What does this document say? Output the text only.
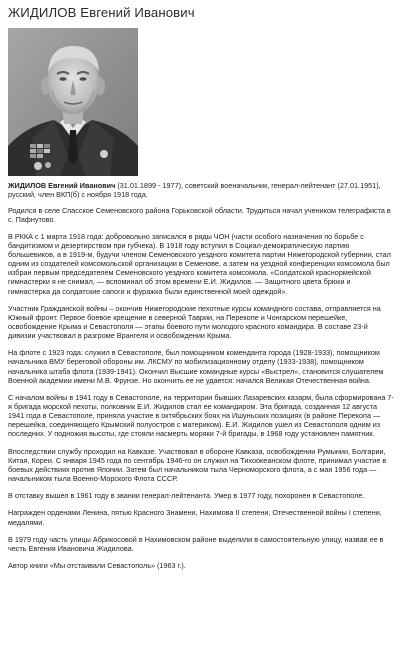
ЖИДИЛОВ Евгений Иванович

ЖИДИЛОВ Евгений Иванович (31.01.1899 - 1977), советский военачальник, генерал-лейтенант (27.01.1951), русский, член ВКП(б) с ноября 1918 года.

Родился в селе Спасское Семеновского района Горьковской области. Трудиться начал учеником телеграфиста в с. Пафнутово.

В РККА с 1 марта 1918 года: добровольно записался в ряды ЧОН (части особого назначения по борьбе с бандитизмом и дезертирством при губчека). В 1918 году вступил в Социал-демократическую партию большевиков, а в 1919-м, будучи членом Семеновского уездного комитета партии Нижегородской губернии, стал одним из создателей комсомольской организации в Семенове, а затем на уездной конференции комсомола был избран первым председателем Семеновского уездного комитета комсомола. «Солдатской краснормейской гимнастерки я не снимал, — вспоминал об этом времени Е.И. Жидилов. — Защитного цвета брюки и гимнастерка да солдатские сапоги и фуражка были единственной моей одеждой».

Участник Гражданской войны – окончив Нижегородские пехотные курсы командного состава, отправляется на Южный фронт. Первое боевое крещение в северной Таврии, на Перекопе и Чонгарском перешейке, освобождение Крыма и Севастополя — этапы боевого пути молодого красного командира. В составе 23-й дивизии участвовал в разгроме Врангеля и освобождении Крыма.

На флоте с 1923 года: служил в Севастополе, был помощником коменданта города (1928-1933), помощником начальника ВМУ береговой обороны им. ЛКСМУ по мобилизационному отделу (1933-1938), помощником начальника штаба флота (1939-1941). Окончил Высшие командные курсы «Выстрел», становится слушателем Военной академии имени М.В. Фрунзе. Но окончить ее не удается: начался Великая Отечественная война.

С началом войны в 1941 году в Севастополе, на территории бывших Лазаревских казарм, была сформирована 7-я бригада морской пехоты, полковник Е.И. Жидилов стал ее командиром. Эта бригада, созданная 12 августа 1941 года в Севастополе, приняла участие в октябрьских боях на Ишуньских позициях (в районе Перекопа — перешейка, соединяющего Крымский полуостров с материком). Е.И. Жидилов ушел из Севастополя одним из последних. У подножия высоты, где стояли насмерть моряки 7-й бригады, в 1968 году установлен памятник.

Впоследствии службу проходил на Кавказе. Участвовал в обороне Кавказа, освобождении Румынии, Болгарии, Китая, Кореи. С января 1945 года по сентябрь 1946-го он служил на Тихоокеанском флоте, принимал участие в боевых действиях против Японии. Затем был начальником тыла Черноморского флота, а с мая 1956 года — начальником тыла Военно-Морского Флота СССР.

В отставку вышел в 1961 году в звании генерал-лейтенанта. Умер в 1977 году, похоронен в Севастополе.

Награжден орденами Ленина, пятью Красного Знамени, Нахимова II степени, Отечественной войны I степени, медалями.

В 1979 году часть улицы Абрикосовой в Нахимовском районе выделили в самостоятельную улицу, назвав ее в честь Евгения Ивановича Жидилова.

Автор книги «Мы отстаивали Севастополь» (1963 г.).
